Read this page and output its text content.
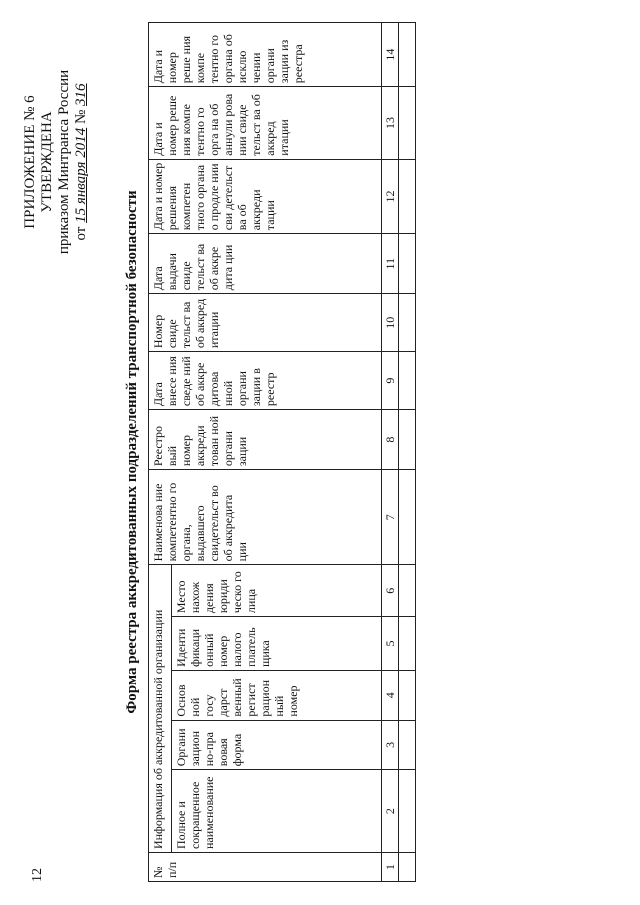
12
ПРИЛОЖЕНИЕ № 6 УТВЕРЖДЕНА приказом Минтранса России от 15 января 2014 № 316
Форма реестра аккредитованных подразделений транспортной безопасности
№ п/п	Информация об аккредитованной организации					Наименова ние компетентно го органа, выдавшего свидетельст во об аккредита ции	Реестро вый номер аккреди тован ной органи зации	Дата внесе ния сведе ний об аккре дитова нной органи зации в реестр	Номер свиде тельст ва об аккред итации	Дата выдачи свиде тельст ва об аккре дита ции	Дата и номер решения компетен тного органа о продле нии сви детельст ва об аккреди тации	Дата и номер реше ния компе тентно го орга на об аннули рова нии свиде тельст ва об аккред итации	Дата и номер реше ния компе тентно го органа об исклю чении органи зации из реестра
	Полное и сокращенное наименование	Органи зацион но-пра вовая форма	Основ ной госу дарст венный регист рацион ный номер	Иденти фикаци онный номер налого платель щика	Место нахож дения юриди ческо го лица								
1	2	3	4	5	6	7	8	9	10	11	12	13	14
